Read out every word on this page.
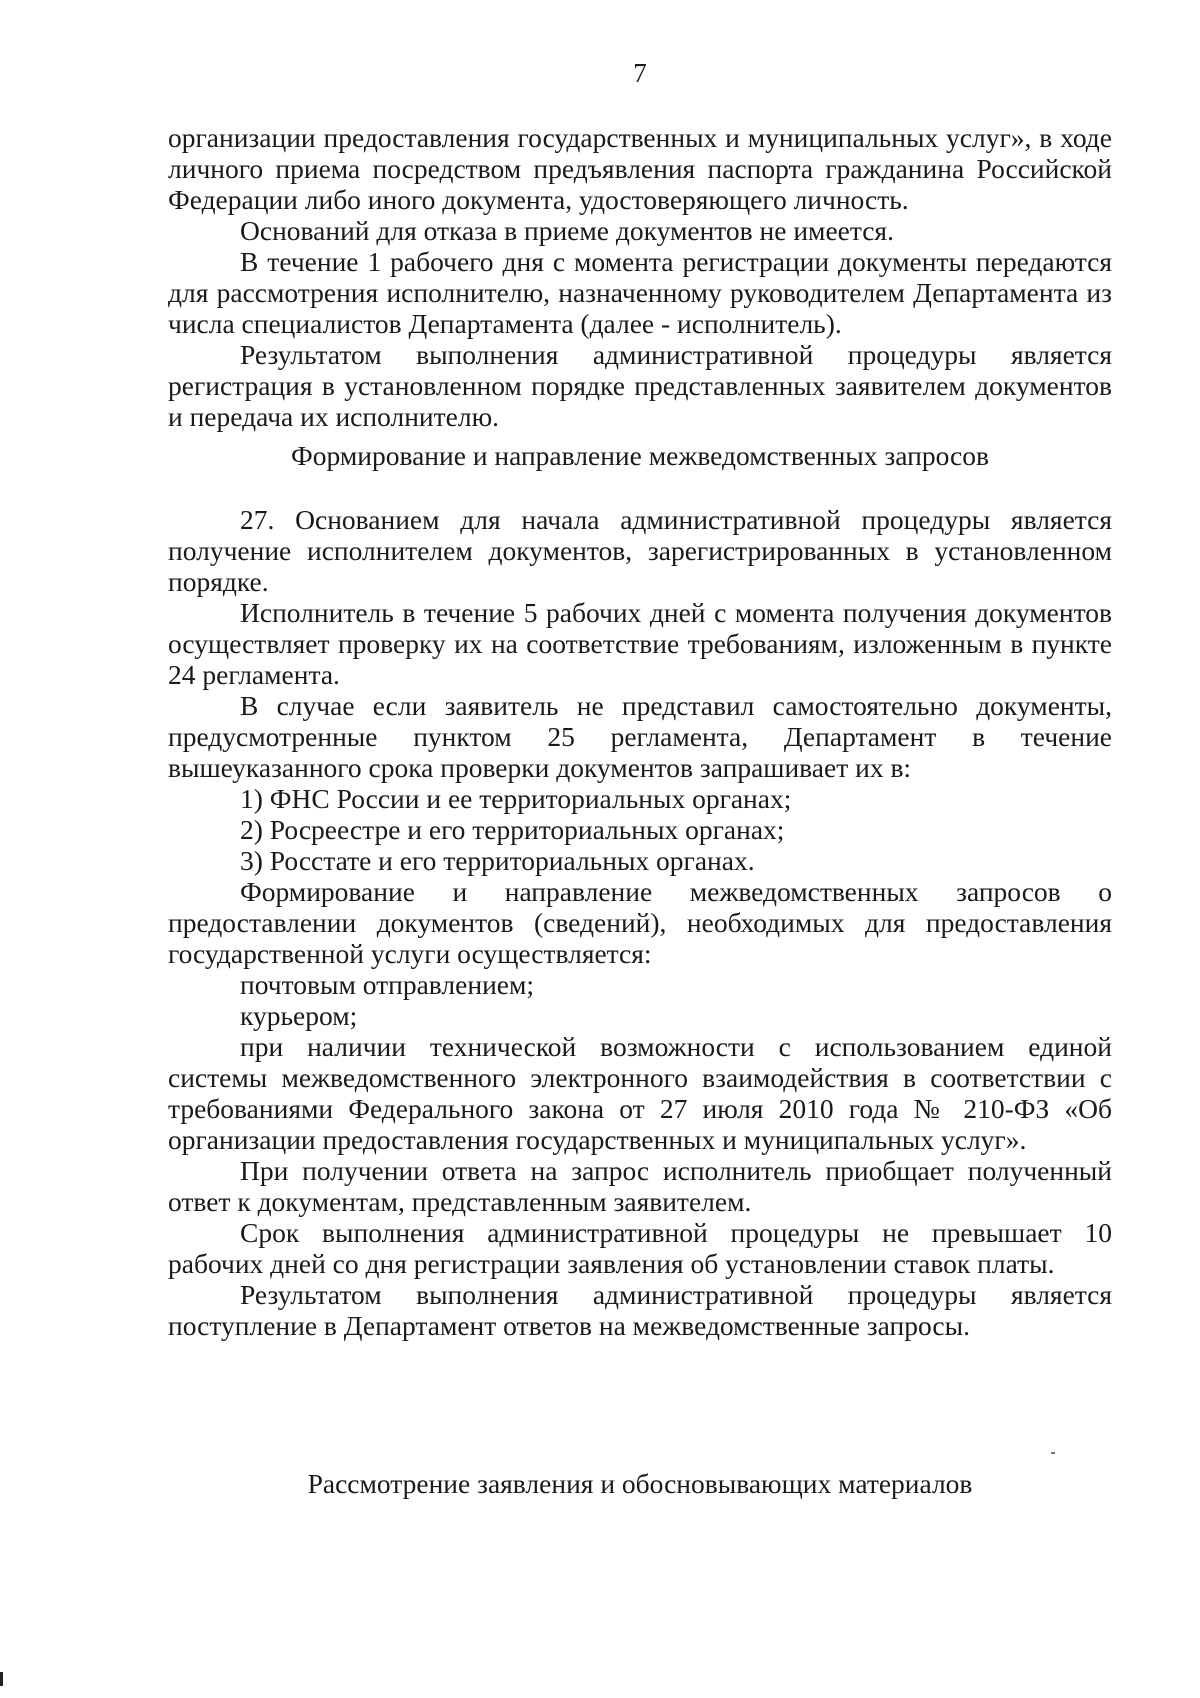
7

организации предоставления государственных и муниципальных услуг», в ходе личного приема посредством предъявления паспорта гражданина Российской Федерации либо иного документа, удостоверяющего личность.

Оснований для отказа в приеме документов не имеется.

В течение 1 рабочего дня с момента регистрации документы передаются для рассмотрения исполнителю, назначенному руководителем Департамента из числа специалистов Департамента (далее - исполнитель).

Результатом выполнения административной процедуры является регистрация в установленном порядке представленных заявителем документов и передача их исполнителю.

Формирование и направление межведомственных запросов

27. Основанием для начала административной процедуры является получение исполнителем документов, зарегистрированных в установленном порядке.

Исполнитель в течение 5 рабочих дней с момента получения документов осуществляет проверку их на соответствие требованиям, изложенным в пункте 24 регламента.

В случае если заявитель не представил самостоятельно документы, предусмотренные пунктом 25 регламента, Департамент в течение вышеуказанного срока проверки документов запрашивает их в:

1) ФНС России и ее территориальных органах;

2) Росреестре и его территориальных органах;

3) Росстате и его территориальных органах.

Формирование и направление межведомственных запросов о предоставлении документов (сведений), необходимых для предоставления государственной услуги осуществляется:

почтовым отправлением;

курьером;

при наличии технической возможности с использованием единой системы межведомственного электронного взаимодействия в соответствии с требованиями Федерального закона от 27 июля 2010 года № 210-ФЗ «Об организации предоставления государственных и муниципальных услуг».

При получении ответа на запрос исполнитель приобщает полученный ответ к документам, представленным заявителем.

Срок выполнения административной процедуры не превышает 10 рабочих дней со дня регистрации заявления об установлении ставок платы.

Результатом выполнения административной процедуры является поступление в Департамент ответов на межведомственные запросы.

Рассмотрение заявления и обосновывающих материалов
